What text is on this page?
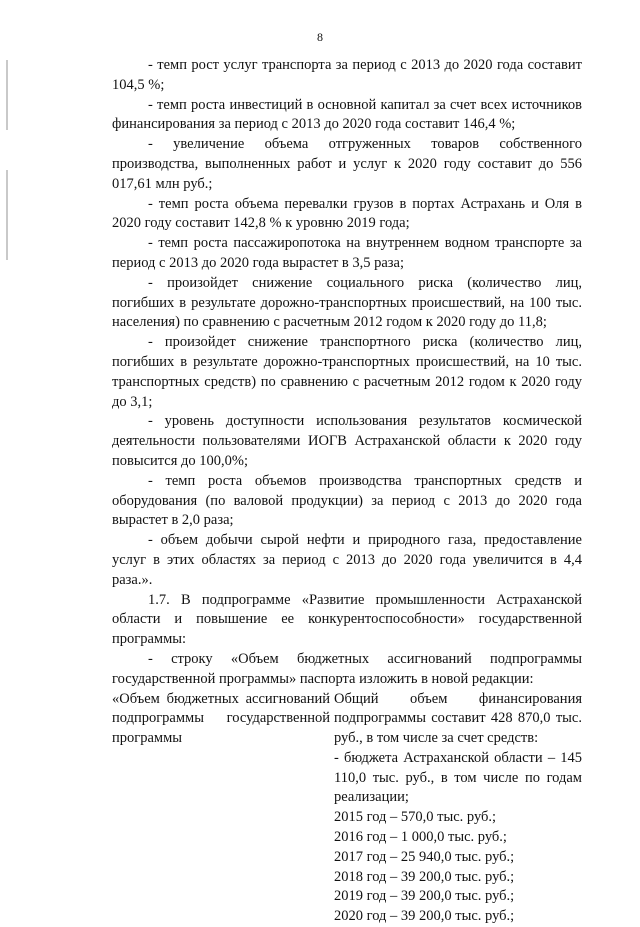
8

- темп рост услуг транспорта за период с 2013 до 2020 года составит 104,5 %;

- темп роста инвестиций в основной капитал за счет всех источников финансирования за период с 2013 до 2020 года составит 146,4 %;

- увеличение объема отгруженных товаров собственного производства, выполненных работ и услуг к 2020 году составит до 556 017,61 млн руб.;

- темп роста объема перевалки грузов в портах Астрахань и Оля в 2020 году составит 142,8 % к уровню 2019 года;

- темп роста пассажиропотока на внутреннем водном транспорте за период с 2013 до 2020 года вырастет в 3,5 раза;

- произойдет снижение социального риска (количество лиц, погибших в результате дорожно-транспортных происшествий, на 100 тыс. населения) по сравнению с расчетным 2012 годом к 2020 году до 11,8;

- произойдет снижение транспортного риска (количество лиц, погибших в результате дорожно-транспортных происшествий, на 10 тыс. транспортных средств) по сравнению с расчетным 2012 годом к 2020 году до 3,1;

- уровень доступности использования результатов космической деятельности пользователями ИОГВ Астраханской области к 2020 году повысится до 100,0%;

- темп роста объемов производства транспортных средств и оборудования (по валовой продукции) за период с 2013 до 2020 года вырастет в 2,0 раза;

- объем добычи сырой нефти и природного газа, предоставление услуг в этих областях за период с 2013 до 2020 года увеличится в 4,4 раза.».

1.7. В подпрограмме «Развитие промышленности Астраханской области и повышение ее конкурентоспособности» государственной программы:

- строку «Объем бюджетных ассигнований подпрограммы государственной программы» паспорта изложить в новой редакции:

«Объем бюджетных ассигнований подпрограммы государственной программы
Общий объем финансирования подпрограммы составит 428 870,0 тыс. руб., в том числе за счет средств:
- бюджета Астраханской области – 145 110,0 тыс. руб., в том числе по годам реализации;
2015 год – 570,0 тыс. руб.;
2016 год – 1 000,0 тыс. руб.;
2017 год – 25 940,0 тыс. руб.;
2018 год – 39 200,0 тыс. руб.;
2019 год – 39 200,0 тыс. руб.;
2020 год – 39 200,0 тыс. руб.;
